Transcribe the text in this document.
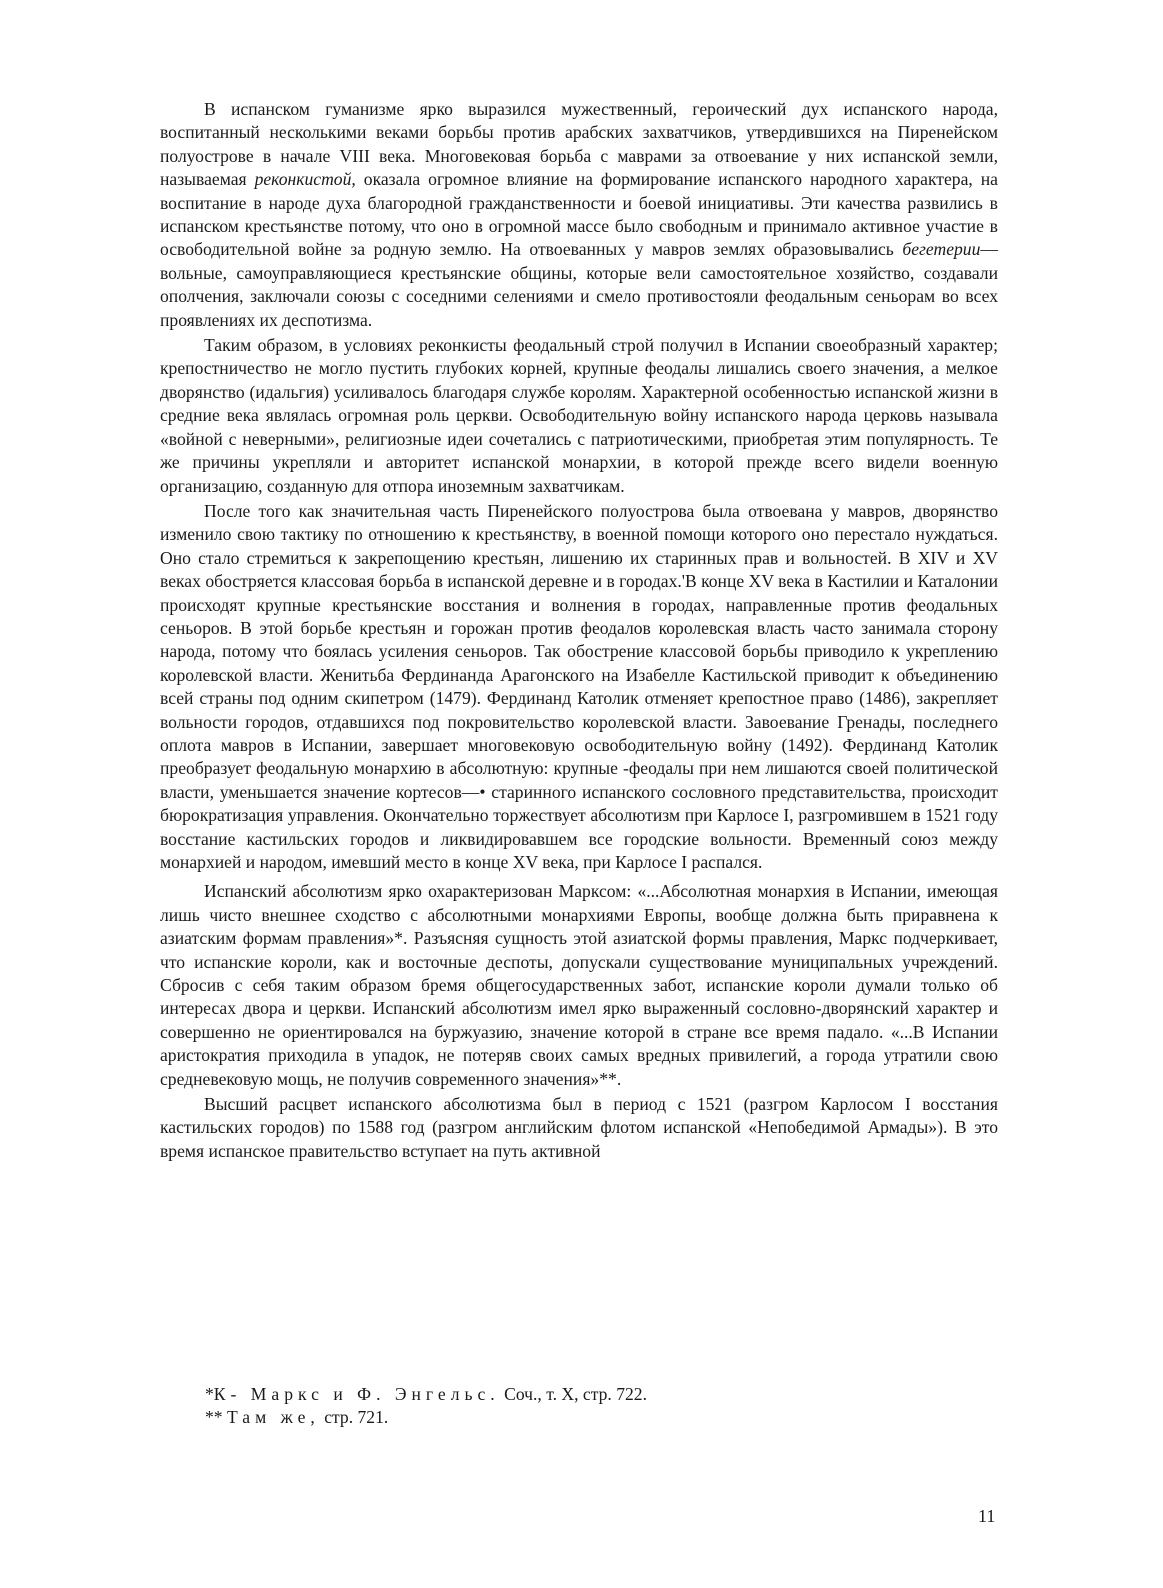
В испанском гуманизме ярко выразился мужественный, героический дух испанского народа, воспитанный несколькими веками борьбы против арабских захватчиков, утвердившихся на Пиренейском полуострове в начале VIII века. Многовековая борьба с маврами за отвоевание у них испанской земли, называемая реконкистой, оказала огромное влияние на формирование испанского народного характера, на воспитание в народе духа благородной гражданственности и боевой инициативы. Эти качества развились в испанском крестьянстве потому, что оно в огромной массе было свободным и принимало активное участие в освободительной войне за родную землю. На отвоеванных у мавров землях образовывались бегетерии—вольные, самоуправляющиеся крестьянские общины, которые вели самостоятельное хозяйство, создавали ополчения, заключали союзы с соседними селениями и смело противостояли феодальным сеньорам во всех проявлениях их деспотизма.

Таким образом, в условиях реконкисты феодальный строй получил в Испании своеобразный характер; крепостничество не могло пустить глубоких корней, крупные феодалы лишались своего значения, а мелкое дворянство (идальгия) усиливалось благодаря службе королям. Характерной особенностью испанской жизни в средние века являлась огромная роль церкви. Освободительную войну испанского народа церковь называла «войной с неверными», религиозные идеи сочетались с патриотическими, приобретая этим популярность. Те же причины укрепляли и авторитет испанской монархии, в которой прежде всего видели военную организацию, созданную для отпора иноземным захватчикам.

После того как значительная часть Пиренейского полуострова была отвоевана у мавров, дворянство изменило свою тактику по отношению к крестьянству, в военной помощи которого оно перестало нуждаться. Оно стало стремиться к закрепощению крестьян, лишению их старинных прав и вольностей. В XIV и XV веках обостряется классовая борьба в испанской деревне и в городах.'В конце XV века в Кастилии и Каталонии происходят крупные крестьянские восстания и волнения в городах, направленные против феодальных сеньоров. В этой борьбе крестьян и горожан против феодалов королевская власть часто занимала сторону народа, потому что боялась усиления сеньоров. Так обострение классовой борьбы приводило к укреплению королевской власти. Женитьба Фердинанда Арагонского на Изабелле Кастильской приводит к объединению всей страны под одним скипетром (1479). Фердинанд Католик отменяет крепостное право (1486), закрепляет вольности городов, отдавшихся под покровительство королевской власти. Завоевание Гренады, последнего оплота мавров в Испании, завершает многовековую освободительную войну (1492). Фердинанд Католик преобразует феодальную монархию в абсолютную: крупные -феодалы при нем лишаются своей политической власти, уменьшается значение кортесов—• старинного испанского сословного представительства, происходит бюрократизация управления. Окончательно торжествует абсолютизм при Карлосе I, разгромившем в 1521 году восстание кастильских городов и ликвидировавшем все городские вольности. Временный союз между монархией и народом, имевший место в конце XV века, при Карлосе I распался.

Испанский абсолютизм ярко охарактеризован Марксом: «...Абсолютная монархия в Испании, имеющая лишь чисто внешнее сходство с абсолютными монархиями Европы, вообще должна быть приравнена к азиатским формам правления»*. Разъясняя сущность этой азиатской формы правления, Маркс подчеркивает, что испанские короли, как и восточные деспоты, допускали существование муниципальных учреждений. Сбросив с себя таким образом бремя общегосударственных забот, испанские короли думали только об интересах двора и церкви. Испанский абсолютизм имел ярко выраженный сословно-дворянский характер и совершенно не ориентировался на буржуазию, значение которой в стране все время падало. «...В Испании аристократия приходила в упадок, не потеряв своих самых вредных привилегий, а города утратили свою средневековую мощь, не получив современного значения»**.

Высший расцвет испанского абсолютизма был в период с 1521 (разгром Карлосом I восстания кастильских городов) по 1588 год (разгром английским флотом испанской «Непобедимой Армады»). В это время испанское правительство вступает на путь активной

*К- Маркс и Ф. Энгельс. Соч., т. X, стр. 722.

** Там же, стр. 721.

11
